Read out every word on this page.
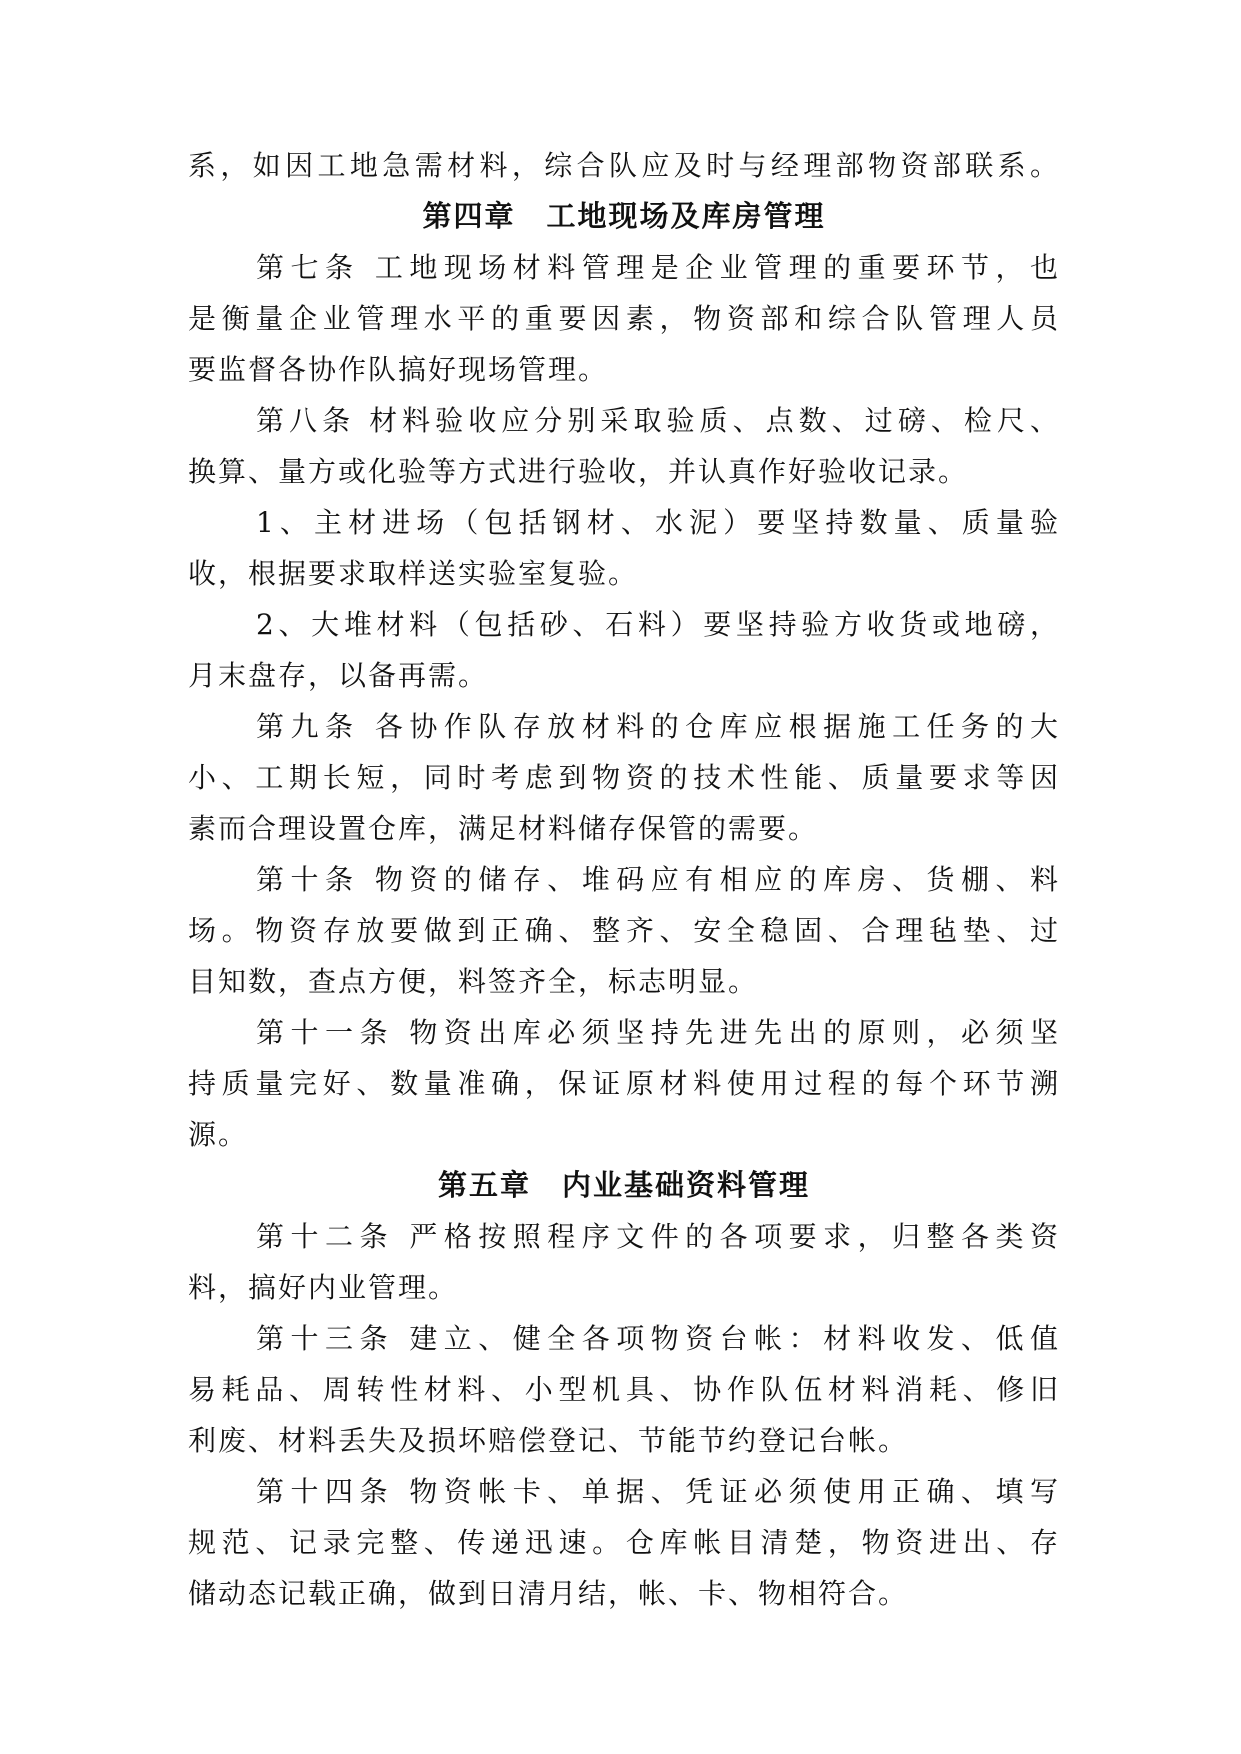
系，如因工地急需材料，综合队应及时与经理部物资部联系。
第四章　工地现场及库房管理
第七条 工地现场材料管理是企业管理的重要环节，也
是衡量企业管理水平的重要因素，物资部和综合队管理人员
要监督各协作队搞好现场管理。
第八条 材料验收应分别采取验质、点数、过磅、检尺、
换算、量方或化验等方式进行验收，并认真作好验收记录。
1、主材进场（包括钢材、水泥）要坚持数量、质量验
收，根据要求取样送实验室复验。
2、大堆材料（包括砂、石料）要坚持验方收货或地磅，
月末盘存，以备再需。
第九条 各协作队存放材料的仓库应根据施工任务的大
小、工期长短，同时考虑到物资的技术性能、质量要求等因
素而合理设置仓库，满足材料储存保管的需要。
第十条 物资的储存、堆码应有相应的库房、货棚、料
场。物资存放要做到正确、整齐、安全稳固、合理毡垫、过
目知数，查点方便，料签齐全，标志明显。
第十一条 物资出库必须坚持先进先出的原则，必须坚
持质量完好、数量准确，保证原材料使用过程的每个环节溯
源。
第五章　内业基础资料管理
第十二条 严格按照程序文件的各项要求，归整各类资
料，搞好内业管理。
第十三条 建立、健全各项物资台帐：材料收发、低值
易耗品、周转性材料、小型机具、协作队伍材料消耗、修旧
利废、材料丢失及损坏赔偿登记、节能节约登记台帐。
第十四条 物资帐卡、单据、凭证必须使用正确、填写
规范、记录完整、传递迅速。仓库帐目清楚，物资进出、存
储动态记载正确，做到日清月结，帐、卡、物相符合。
